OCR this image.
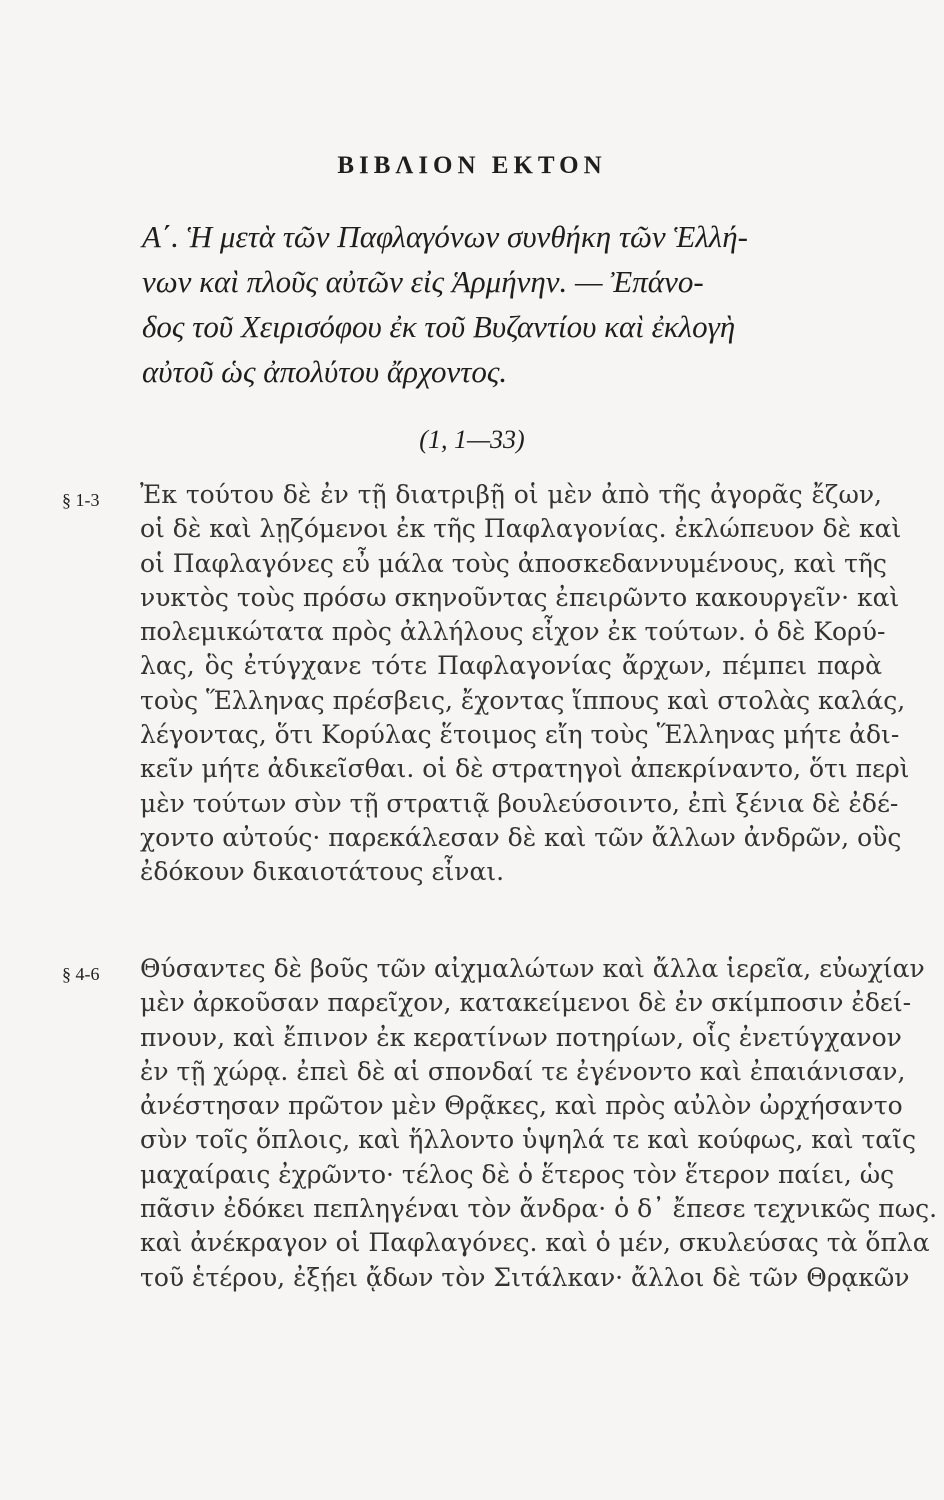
ΒΙΒΛΙΟΝ ΕΚΤΟΝ
Α΄. Ἡ μετὰ τῶν Παφλαγόνων συνθήκη τῶν Ἑλλή-
νων καὶ πλοῦς αὐτῶν εἰς Ἁρμήνην. — Ἐπάνο-
δος τοῦ Χειρισόφου ἐκ τοῦ Βυζαντίου καὶ ἐκλογὴ
αὐτοῦ ὡς ἀπολύτου ἄρχοντος.
(1, 1—33)
§ 1-3 Ἐκ τούτου δὲ ἐν τῇ διατριβῇ οἱ μὲν ἀπὸ τῆς ἀγορᾶς ἔζων,
οἱ δὲ καὶ λῃζόμενοι ἐκ τῆς Παφλαγονίας. ἐκλώπευον δὲ καὶ
οἱ Παφλαγόνες εὖ μάλα τοὺς ἀποσκεδαννυμένους, καὶ τῆς
νυκτὸς τοὺς πρόσω σκηνοῦντας ἐπειρῶντο κακουργεῖν· καὶ
πολεμικώτατα πρὸς ἀλλήλους εἶχον ἐκ τούτων. ὁ δὲ Κορύ-
λας, ὃς ἐτύγχανε τότε Παφλαγονίας ἄρχων, πέμπει παρὰ
τοὺς Ἕλληνας πρέσβεις, ἔχοντας ἵππους καὶ στολὰς καλάς,
λέγοντας, ὅτι Κορύλας ἕτοιμος εἴη τοὺς Ἕλληνας μήτε ἀδι-
κεῖν μήτε ἀδικεῖσθαι. οἱ δὲ στρατηγοὶ ἀπεκρίναντο, ὅτι περὶ
μὲν τούτων σὺν τῇ στρατιᾷ βουλεύσοιντο, ἐπὶ ξένια δὲ ἐδέ-
χοντο αὐτούς· παρεκάλεσαν δὲ καὶ τῶν ἄλλων ἀνδρῶν, οὓς
ἐδόκουν δικαιοτάτους εἶναι.
§ 4-6 Θύσαντες δὲ βοῦς τῶν αἰχμαλώτων καὶ ἄλλα ἱερεῖα, εὐωχίαν
μὲν ἀρκοῦσαν παρεῖχον, κατακείμενοι δὲ ἐν σκίμποσιν ἐδεί-
πνουν, καὶ ἔπινον ἐκ κερατίνων ποτηρίων, οἷς ἐνετύγχανον
ἐν τῇ χώρᾳ. ἐπεὶ δὲ αἱ σπονδαί τε ἐγένοντο καὶ ἐπαιάνισαν,
ἀνέστησαν πρῶτον μὲν Θρᾷκες, καὶ πρὸς αὐλὸν ὠρχήσαντο
σὺν τοῖς ὅπλοις, καὶ ἥλλοντο ὑψηλά τε καὶ κούφως, καὶ ταῖς
μαχαίραις ἐχρῶντο· τέλος δὲ ὁ ἕτερος τὸν ἕτερον παίει, ὡς
πᾶσιν ἐδόκει πεπληγέναι τὸν ἄνδρα· ὁ δ᾽ ἔπεσε τεχνικῶς πως.
καὶ ἀνέκραγον οἱ Παφλαγόνες. καὶ ὁ μέν, σκυλεύσας τὰ ὅπλα
τοῦ ἑτέρου, ἐξῄει ᾄδων τὸν Σιτάλκαν· ἄλλοι δὲ τῶν Θρᾳκῶν
